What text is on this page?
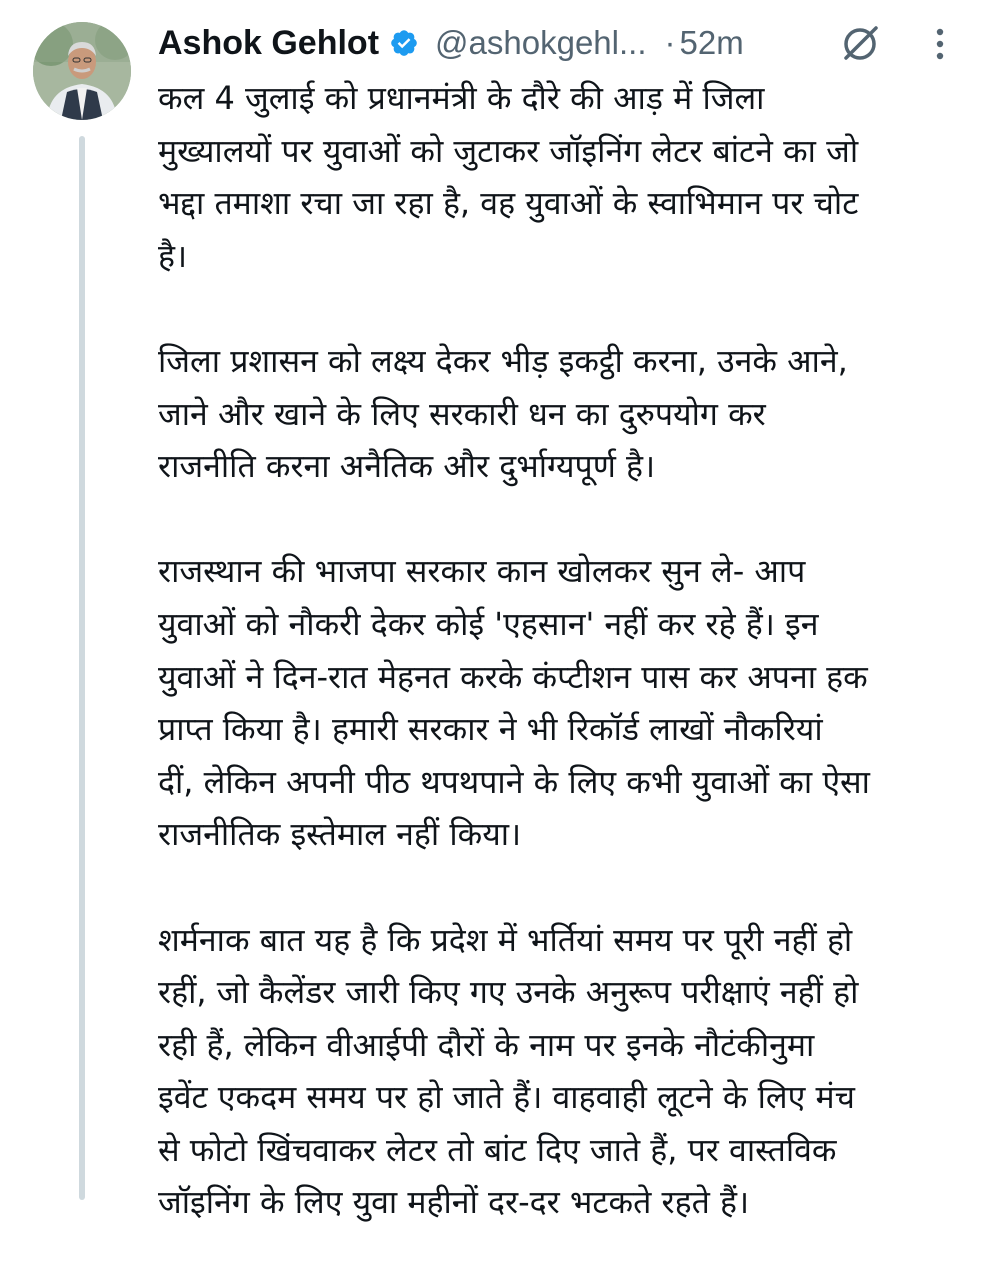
Ashok Gehlot @ashokgehl... · 52m

कल 4 जुलाई को प्रधानमंत्री के दौरे की आड़ में जिला
मुख्यालयों पर युवाओं को जुटाकर जॉइनिंग लेटर बांटने का जो
भद्दा तमाशा रचा जा रहा है, वह युवाओं के स्वाभिमान पर चोट
है।

जिला प्रशासन को लक्ष्य देकर भीड़ इकट्ठी करना, उनके आने,
जाने और खाने के लिए सरकारी धन का दुरुपयोग कर
राजनीति करना अनैतिक और दुर्भाग्यपूर्ण है।

राजस्थान की भाजपा सरकार कान खोलकर सुन ले- आप
युवाओं को नौकरी देकर कोई 'एहसान' नहीं कर रहे हैं। इन
युवाओं ने दिन-रात मेहनत करके कंप्टीशन पास कर अपना हक
प्राप्त किया है। हमारी सरकार ने भी रिकॉर्ड लाखों नौकरियां
दीं, लेकिन अपनी पीठ थपथपाने के लिए कभी युवाओं का ऐसा
राजनीतिक इस्तेमाल नहीं किया।

शर्मनाक बात यह है कि प्रदेश में भर्तियां समय पर पूरी नहीं हो
रहीं, जो कैलेंडर जारी किए गए उनके अनुरूप परीक्षाएं नहीं हो
रही हैं, लेकिन वीआईपी दौरों के नाम पर इनके नौटंकीनुमा
इवेंट एकदम समय पर हो जाते हैं। वाहवाही लूटने के लिए मंच
से फोटो खिंचवाकर लेटर तो बांट दिए जाते हैं, पर वास्तविक
जॉइनिंग के लिए युवा महीनों दर-दर भटकते रहते हैं।
